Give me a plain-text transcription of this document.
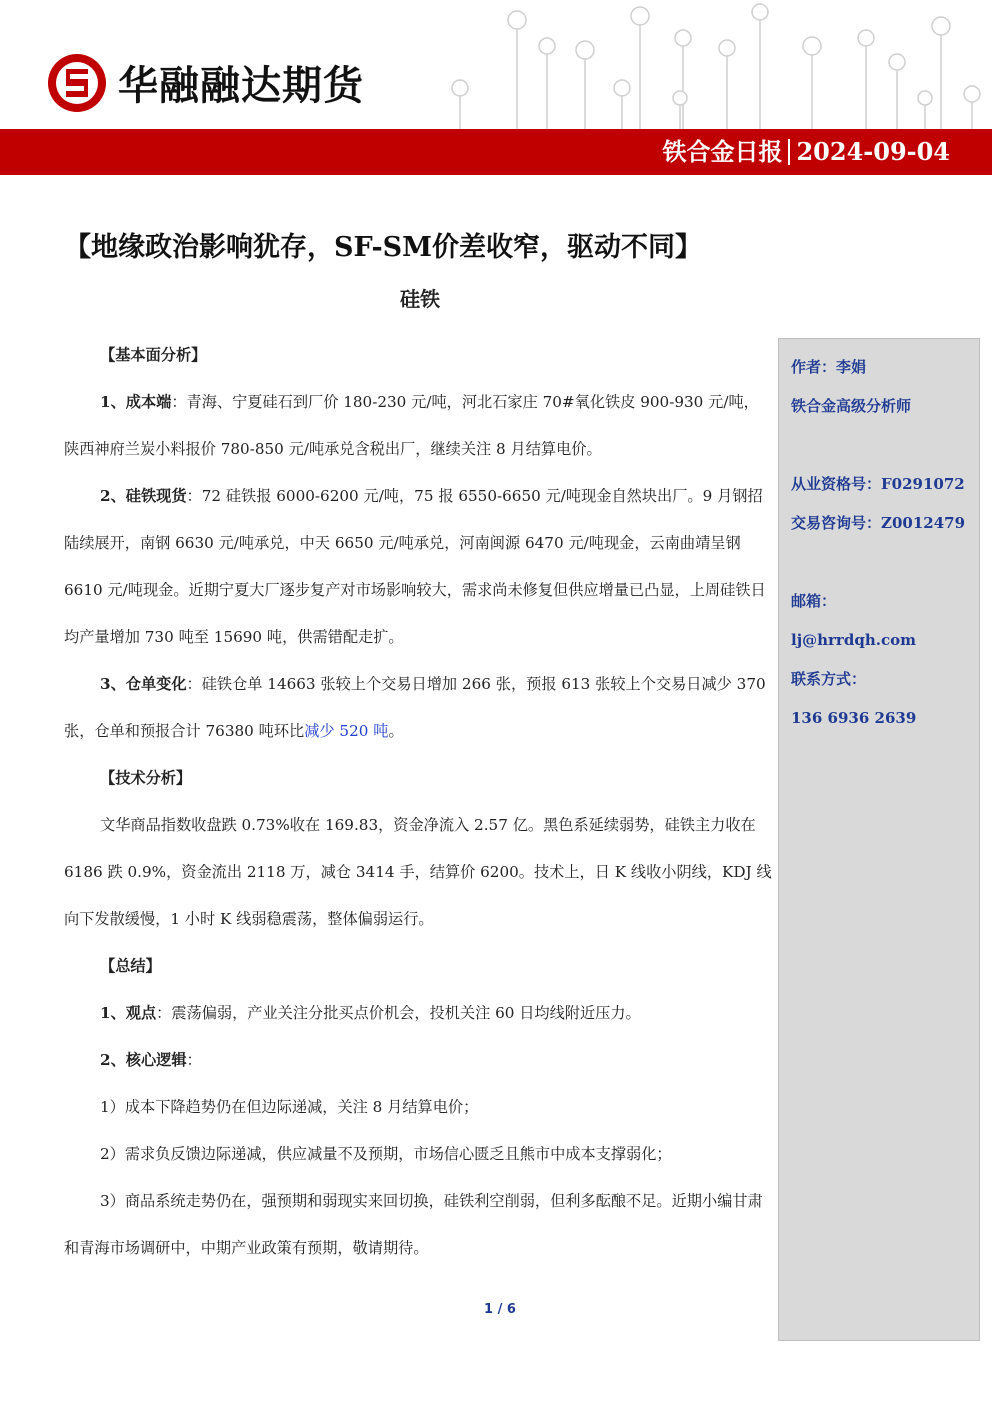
华融融达期货
铁合金日报 2024-09-04
【地缘政治影响犹存，SF-SM价差收窄，驱动不同】
硅铁

【基本面分析】

1、成本端：青海、宁夏硅石到厂价 180-230 元/吨，河北石家庄 70#氧化铁皮 900-930 元/吨，陕西神府兰炭小料报价 780-850 元/吨承兑含税出厂，继续关注 8 月结算电价。

2、硅铁现货：72 硅铁报 6000-6200 元/吨，75 报 6550-6650 元/吨现金自然块出厂。9 月钢招陆续展开，南钢 6630 元/吨承兑，中天 6650 元/吨承兑，河南闽源 6470 元/吨现金，云南曲靖呈钢 6610 元/吨现金。近期宁夏大厂逐步复产对市场影响较大，需求尚未修复但供应增量已凸显，上周硅铁日均产量增加 730 吨至 15690 吨，供需错配走扩。

3、仓单变化：硅铁仓单 14663 张较上个交易日增加 266 张，预报 613 张较上个交易日减少 370 张，仓单和预报合计 76380 吨环比减少 520 吨。

【技术分析】

文华商品指数收盘跌 0.73%收在 169.83，资金净流入 2.57 亿。黑色系延续弱势，硅铁主力收在 6186 跌 0.9%，资金流出 2118 万，减仓 3414 手，结算价 6200。技术上，日 K 线收小阴线，KDJ 线向下发散缓慢，1 小时 K 线弱稳震荡，整体偏弱运行。

【总结】

1、观点：震荡偏弱，产业关注分批买点价机会，投机关注 60 日均线附近压力。

2、核心逻辑：

1）成本下降趋势仍在但边际递减，关注 8 月结算电价；

2）需求负反馈边际递减，供应减量不及预期，市场信心匮乏且熊市中成本支撑弱化；

3）商品系统走势仍在，强预期和弱现实来回切换，硅铁利空削弱，但利多酝酿不足。近期小编甘肃和青海市场调研中，中期产业政策有预期，敬请期待。

作者：李娟
铁合金高级分析师
从业资格号：F0291072
交易咨询号：Z0012479
邮箱：
lj@hrrdqh.com
联系方式：
136 6936 2639
1 / 6
